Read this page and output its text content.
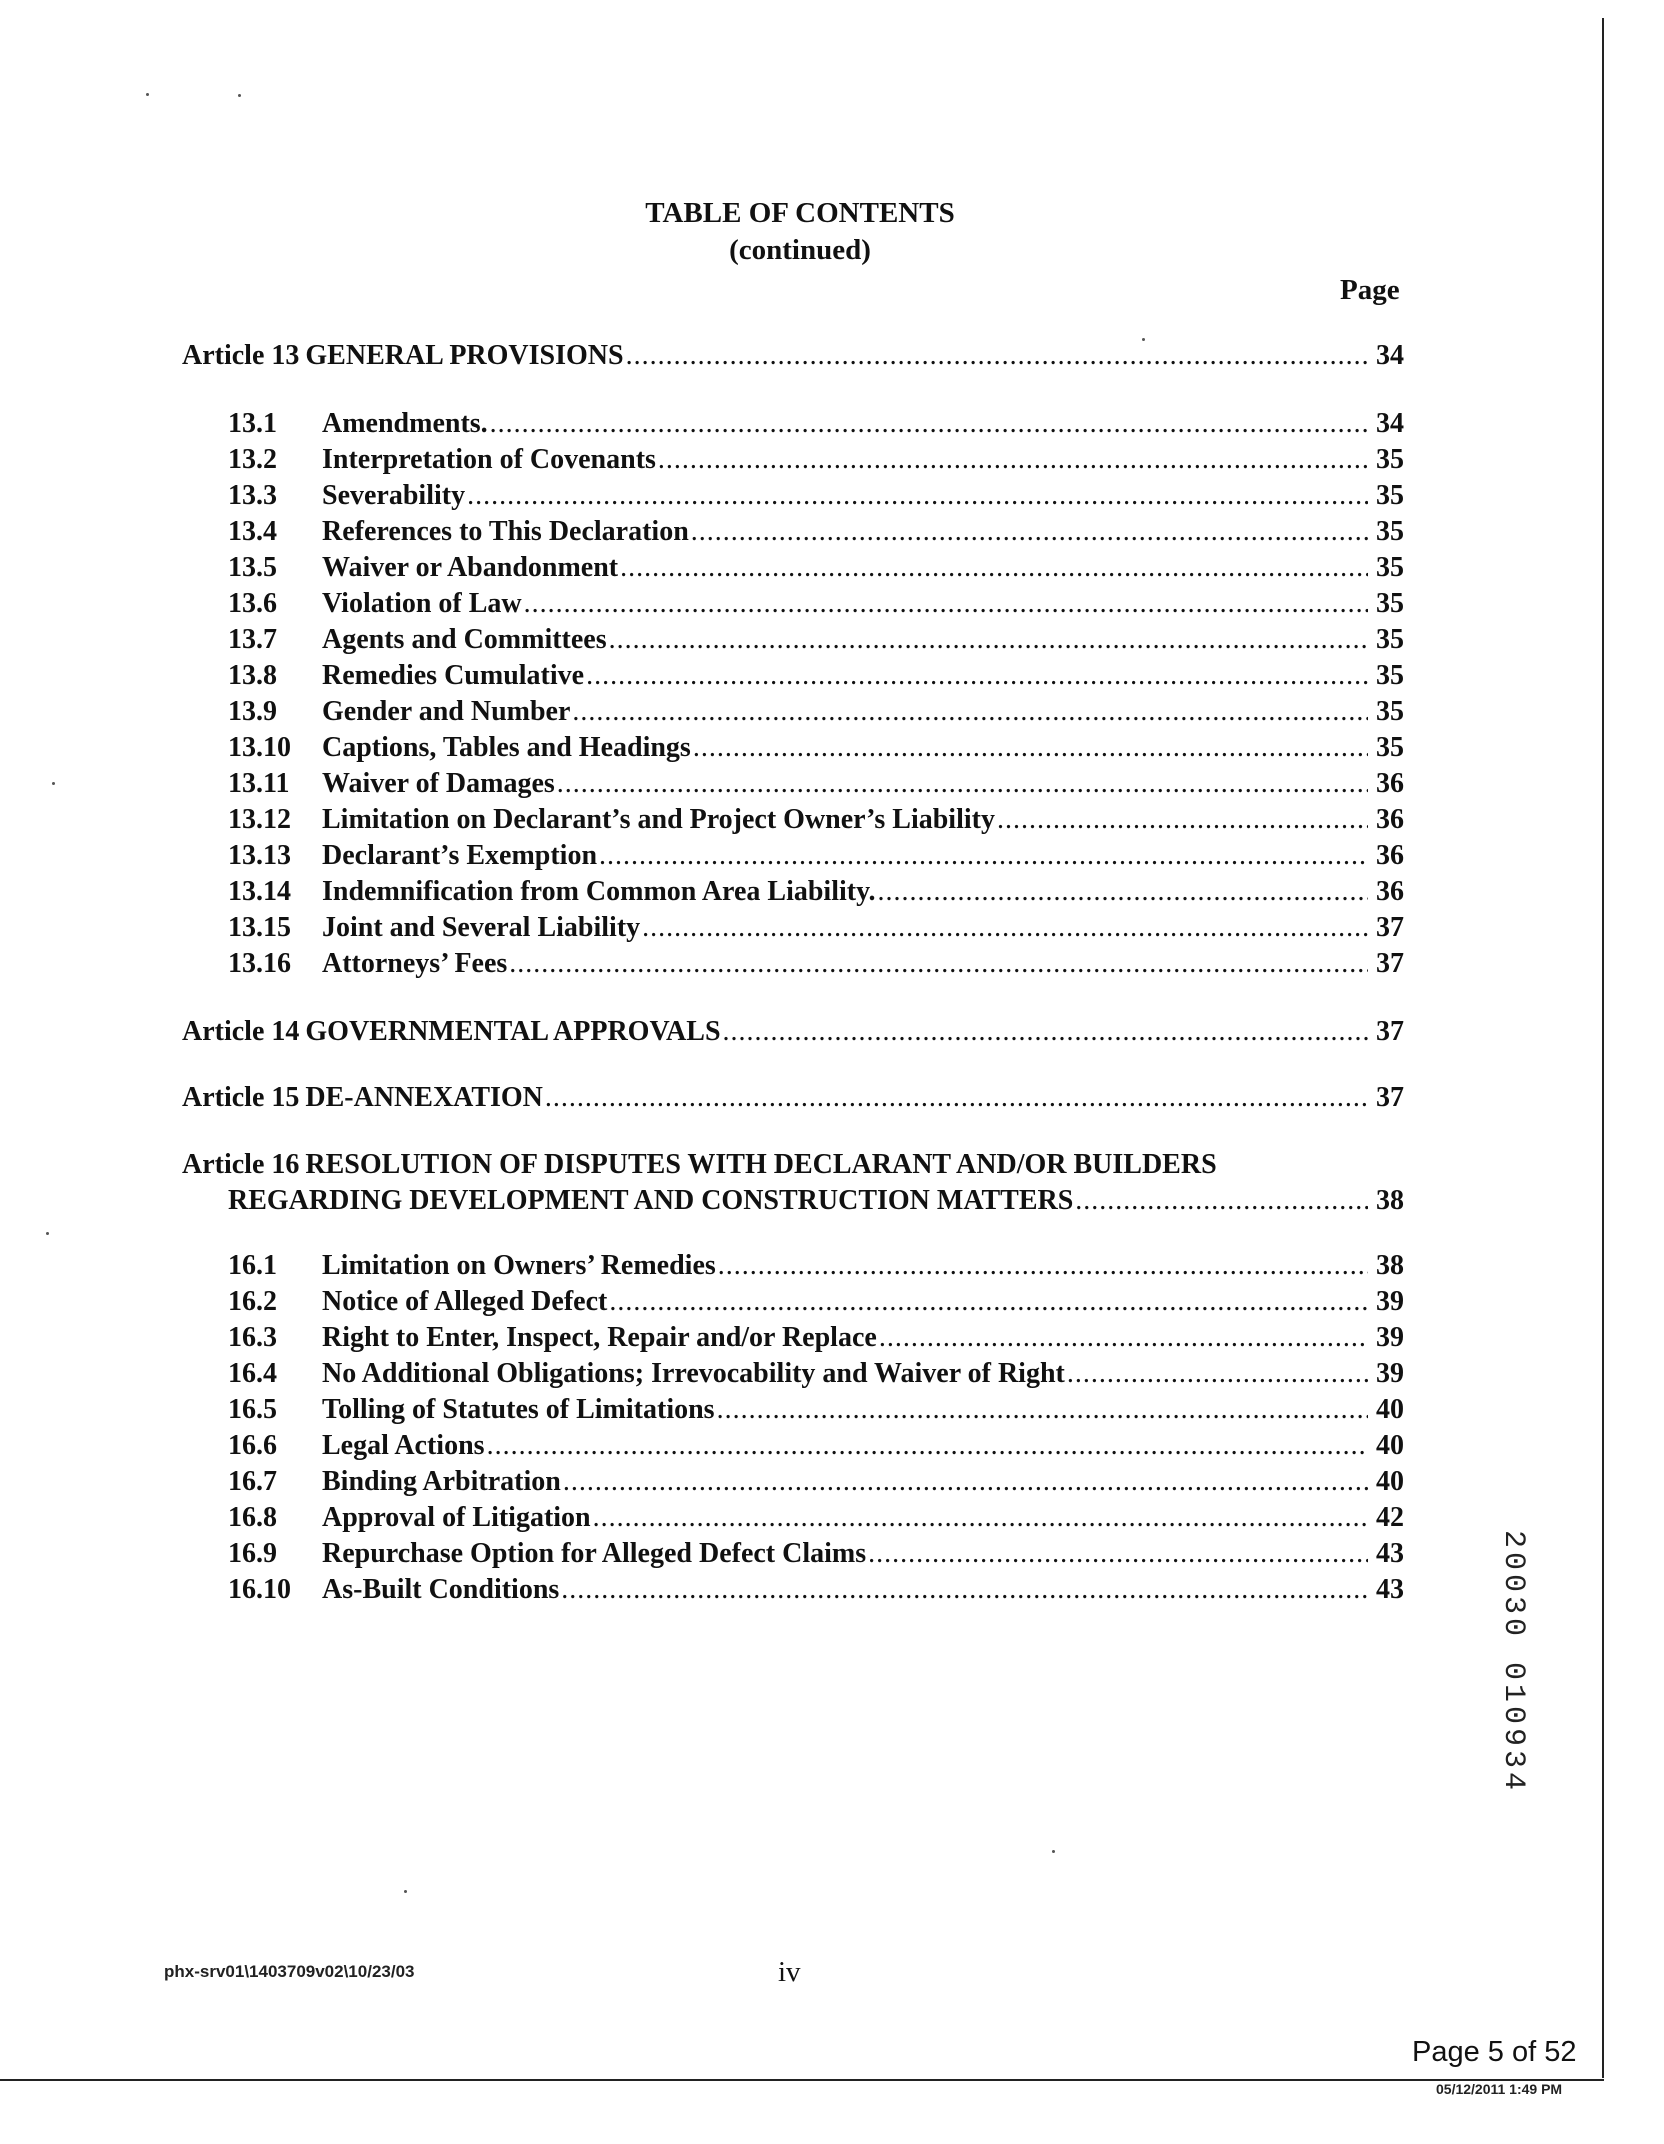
TABLE OF CONTENTS
(continued)
Page
Article 13 GENERAL PROVISIONS .....	34
13.1	Amendments. .....	34
13.2	Interpretation of Covenants .....	35
13.3	Severability .....	35
13.4	References to This Declaration .....	35
13.5	Waiver or Abandonment .....	35
13.6	Violation of Law .....	35
13.7	Agents and Committees .....	35
13.8	Remedies Cumulative .....	35
13.9	Gender and Number .....	35
13.10	Captions, Tables and Headings .....	35
13.11	Waiver of Damages .....	36
13.12	Limitation on Declarant’s and Project Owner’s Liability .....	36
13.13	Declarant’s Exemption .....	36
13.14	Indemnification from Common Area Liability. .....	36
13.15	Joint and Several Liability .....	37
13.16	Attorneys’ Fees .....	37
Article 14 GOVERNMENTAL APPROVALS .....	37
Article 15 DE-ANNEXATION .....	37
Article 16 RESOLUTION OF DISPUTES WITH DECLARANT AND/OR BUILDERS
REGARDING DEVELOPMENT AND CONSTRUCTION MATTERS .....	38
16.1	Limitation on Owners’ Remedies .....	38
16.2	Notice of Alleged Defect .....	39
16.3	Right to Enter, Inspect, Repair and/or Replace .....	39
16.4	No Additional Obligations; Irrevocability and Waiver of Right .....	39
16.5	Tolling of Statutes of Limitations .....	40
16.6	Legal Actions .....	40
16.7	Binding Arbitration .....	40
16.8	Approval of Litigation .....	42
16.9	Repurchase Option for Alleged Defect Claims .....	43
16.10	As-Built Conditions .....	43
phx-srv01\1403709v02\10/23/03	iv
20030 010934
Page 5 of 52
05/12/2011 1:49 PM
